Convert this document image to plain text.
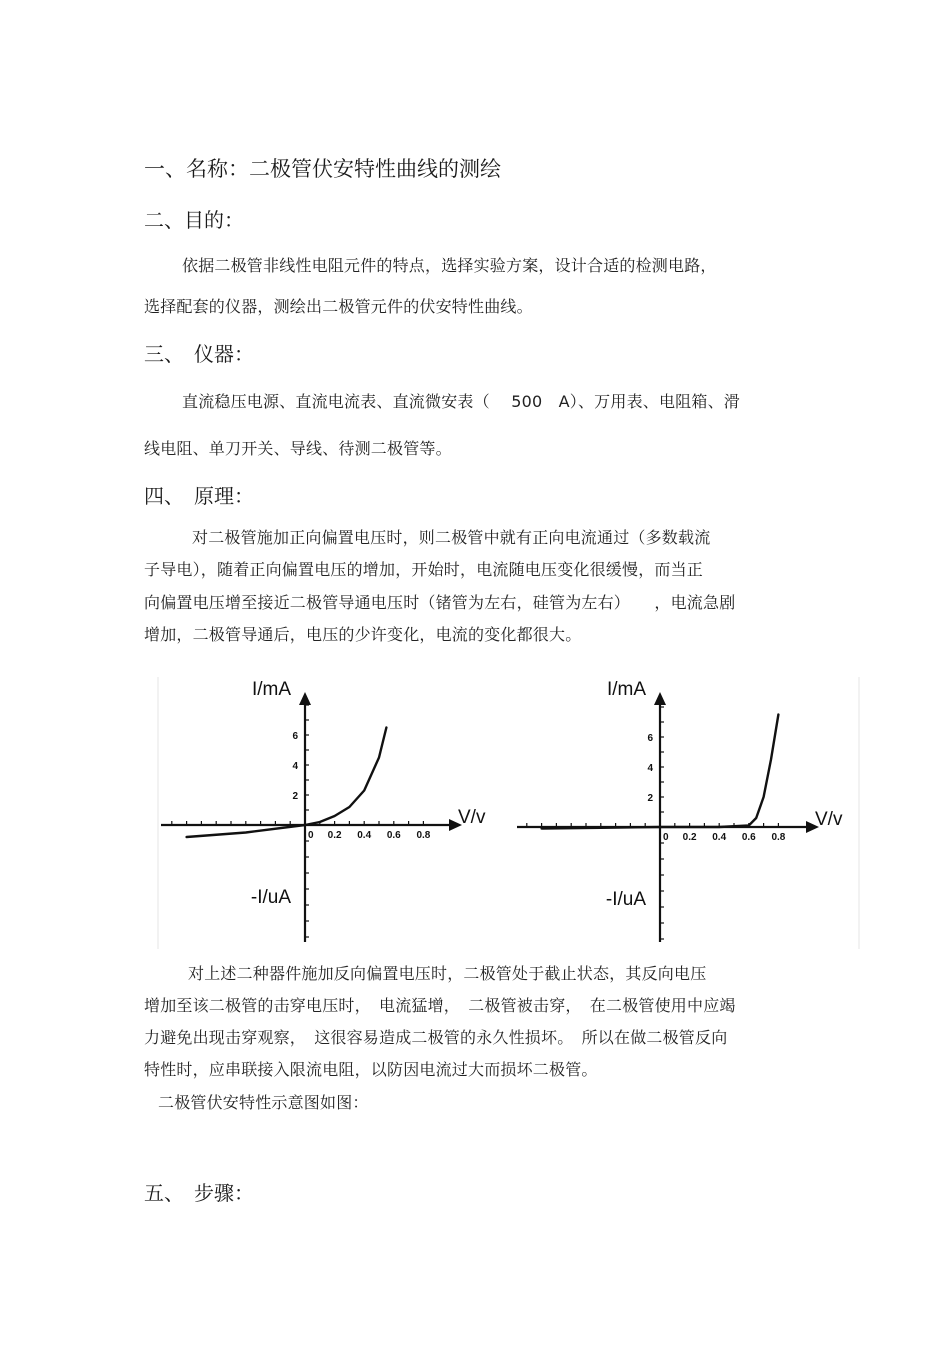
一、名称：二极管伏安特性曲线的测绘
二、目的：
依据二极管非线性电阻元件的特点，选择实验方案，设计合适的检测电路，
选择配套的仪器，测绘出二极管元件的伏安特性曲线。
三、　仪器：
直流稳压电源、直流电流表、直流微安表（　 500　A）、万用表、电阻箱、滑
线电阻、单刀开关、导线、待测二极管等。
四、　原理：
对二极管施加正向偏置电压时，则二极管中就有正向电流通过（多数载流
子导电），随着正向偏置电压的增加，开始时，电流随电压变化很缓慢，而当正
向偏置电压增至接近二极管导通电压时（锗管为左右，硅管为左右）　　，电流急剧
增加，二极管导通后，电压的少许变化，电流的变化都很大。
2
4
6
0 0.2 0.4 0.6 0.8
I/mA
V/v
-I/uA
2
4
6
0 0.2 0.4 0.6 0.8
I/mA
V/v
-I/uA
对上述二种器件施加反向偏置电压时，二极管处于截止状态，其反向电压
增加至该二极管的击穿电压时，　电流猛增，　二极管被击穿，　在二极管使用中应竭
力避免出现击穿观察，　这很容易造成二极管的永久性损坏。　所以在做二极管反向
特性时，应串联接入限流电阻，以防因电流过大而损坏二极管。
二极管伏安特性示意图如图：
五、　步骤：
